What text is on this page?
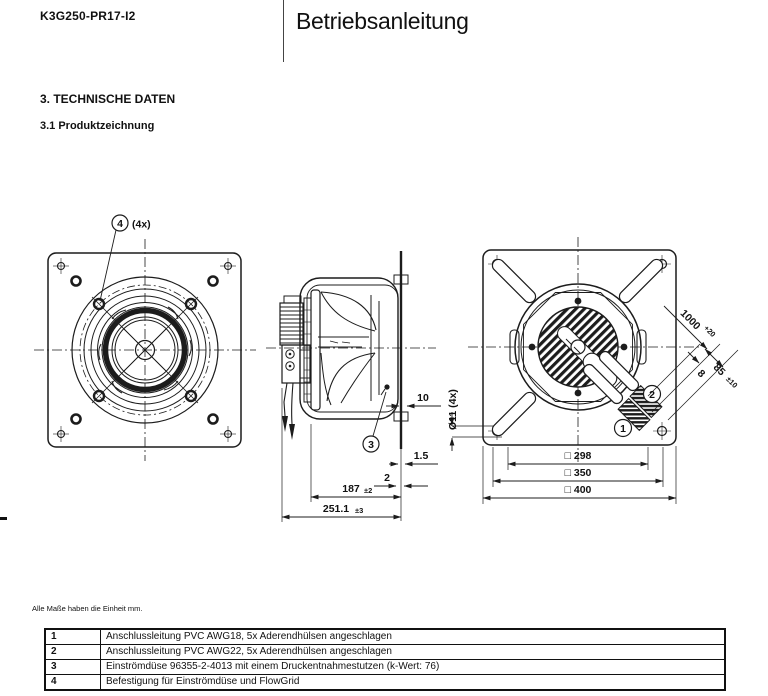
K3G250-PR17-I2	Betriebsanleitung
3. TECHNISCHE DATEN
3.1 Produktzeichnung
4 (4x)
3
10
1.5
2
187 ±2
251.1 ±3
Ø11 (4x)	1
2
1000 +20
85
±10
8
□ 298
□ 350
□ 400
Alle Maße haben die Einheit mm.
1	Anschlussleitung PVC AWG18, 5x Aderendhülsen angeschlagen
2	Anschlussleitung PVC AWG22, 5x Aderendhülsen angeschlagen
3	Einströmdüse 96355-2-4013 mit einem Druckentnahmestutzen (k-Wert: 76)
4	Befestigung für Einströmdüse und FlowGrid
